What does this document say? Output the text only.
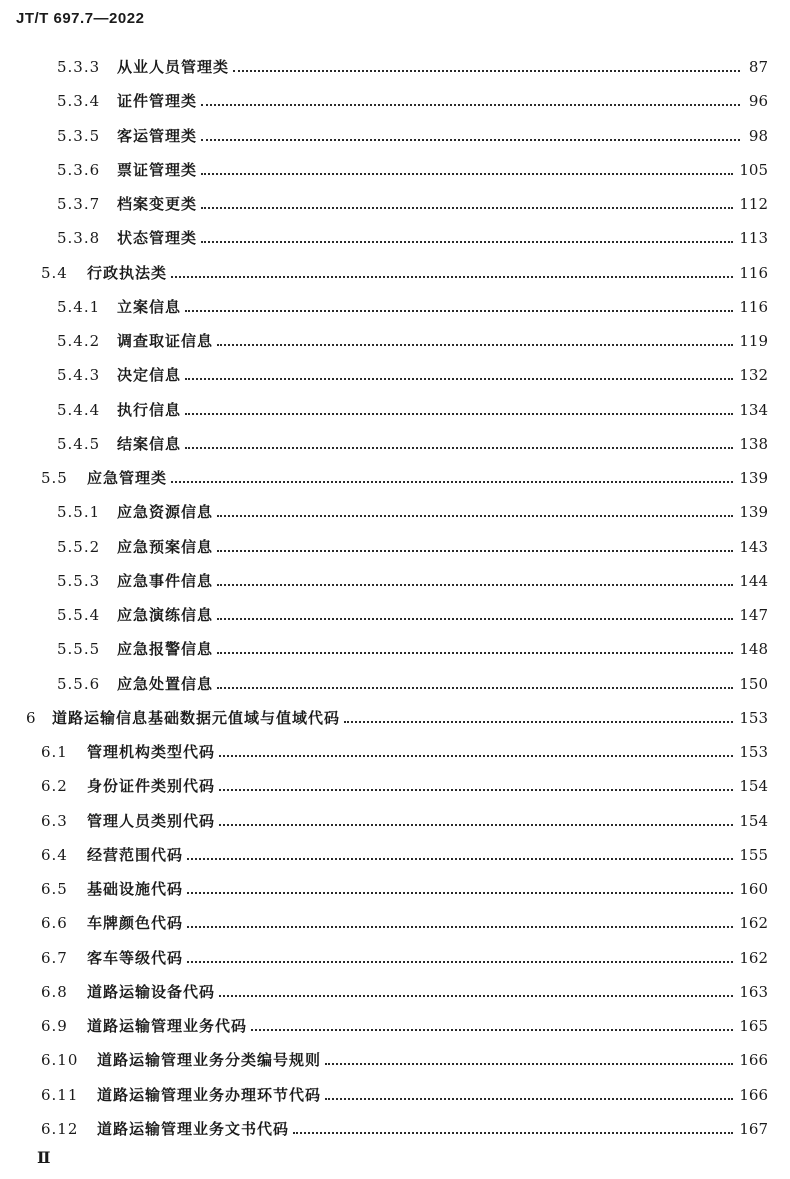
JT/T 697.7—2022
5.3.3	从业人员管理类	87
5.3.4	证件管理类	96
5.3.5	客运管理类	98
5.3.6	票证管理类	105
5.3.7	档案变更类	112
5.3.8	状态管理类	113
5.4	行政执法类	116
5.4.1	立案信息	116
5.4.2	调查取证信息	119
5.4.3	决定信息	132
5.4.4	执行信息	134
5.4.5	结案信息	138
5.5	应急管理类	139
5.5.1	应急资源信息	139
5.5.2	应急预案信息	143
5.5.3	应急事件信息	144
5.5.4	应急演练信息	147
5.5.5	应急报警信息	148
5.5.6	应急处置信息	150
6	道路运输信息基础数据元值域与值域代码	153
6.1	管理机构类型代码	153
6.2	身份证件类别代码	154
6.3	管理人员类别代码	154
6.4	经营范围代码	155
6.5	基础设施代码	160
6.6	车牌颜色代码	162
6.7	客车等级代码	162
6.8	道路运输设备代码	163
6.9	道路运输管理业务代码	165
6.10	道路运输管理业务分类编号规则	166
6.11	道路运输管理业务办理环节代码	166
6.12	道路运输管理业务文书代码	167
Ⅱ
